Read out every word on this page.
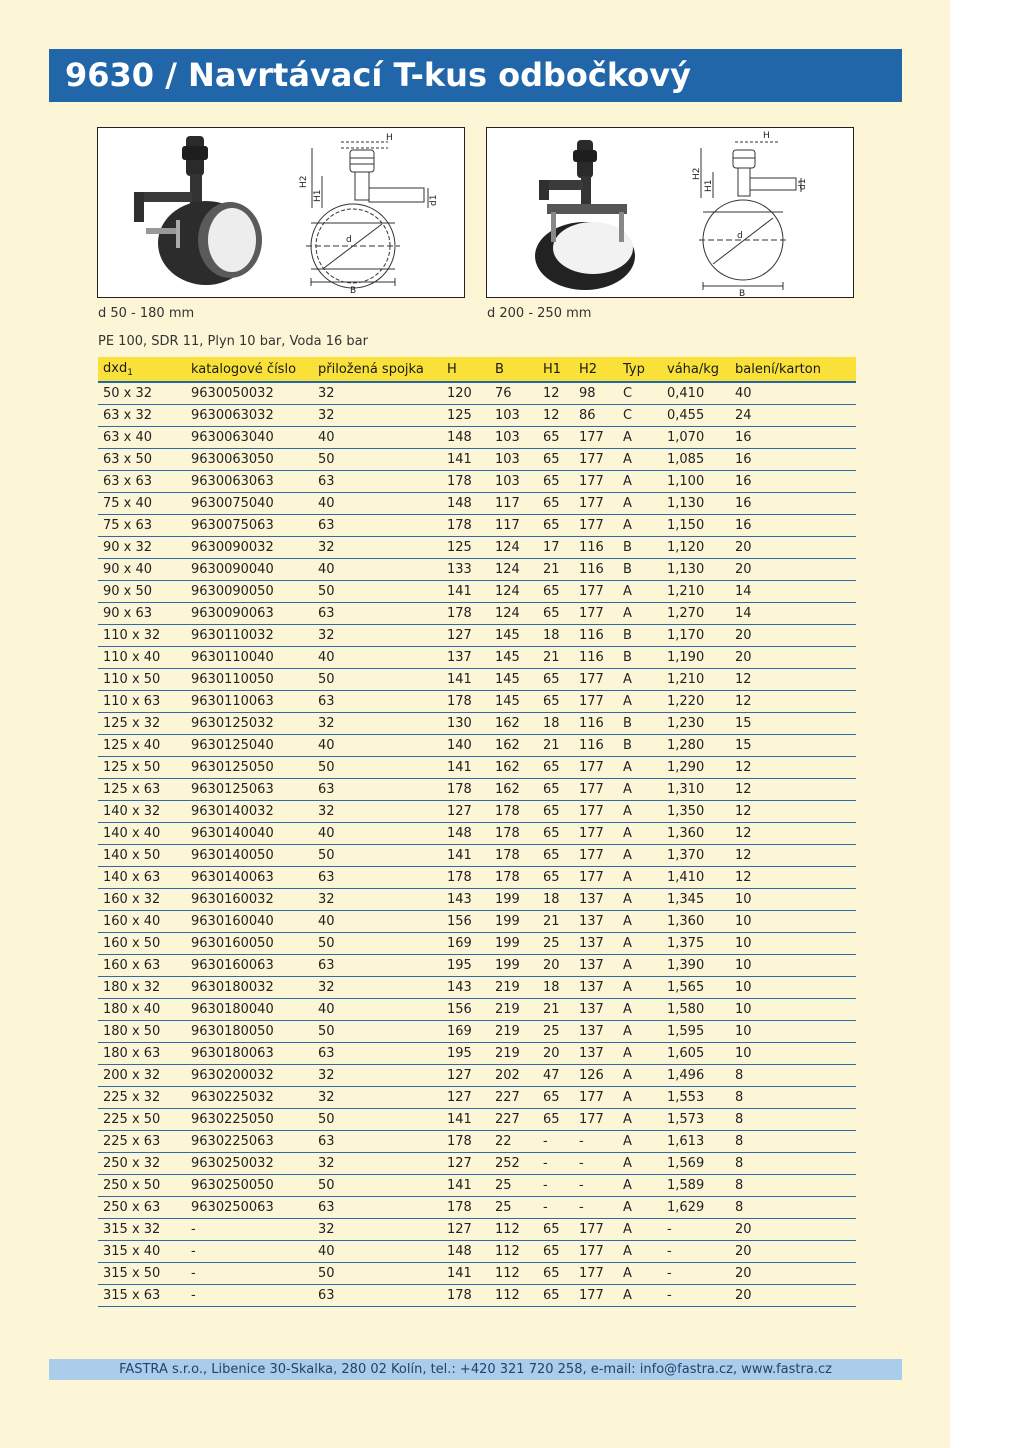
9630 / Navrtávací T-kus odbočkový
H
H2
H1	d1
d
B
H
H2
H1	d1
d
B
d 50 - 180 mm	d 200 - 250 mm
PE 100, SDR 11, Plyn 10 bar, Voda 16 bar
dxd$_1$	katalogové číslo	přiložená spojka	H	B	H1	H2	Typ	váha/kg	balení/karton
50 x 32	9630050032	32	120	76	12	98	C	0,410	40
63 x 32	9630063032	32	125	103	12	86	C	0,455	24
63 x 40	9630063040	40	148	103	65	177	A	1,070	16
63 x 50	9630063050	50	141	103	65	177	A	1,085	16
63 x 63	9630063063	63	178	103	65	177	A	1,100	16
75 x 40	9630075040	40	148	117	65	177	A	1,130	16
75 x 63	9630075063	63	178	117	65	177	A	1,150	16
90 x 32	9630090032	32	125	124	17	116	B	1,120	20
90 x 40	9630090040	40	133	124	21	116	B	1,130	20
90 x 50	9630090050	50	141	124	65	177	A	1,210	14
90 x 63	9630090063	63	178	124	65	177	A	1,270	14
110 x 32	9630110032	32	127	145	18	116	B	1,170	20
110 x 40	9630110040	40	137	145	21	116	B	1,190	20
110 x 50	9630110050	50	141	145	65	177	A	1,210	12
110 x 63	9630110063	63	178	145	65	177	A	1,220	12
125 x 32	9630125032	32	130	162	18	116	B	1,230	15
125 x 40	9630125040	40	140	162	21	116	B	1,280	15
125 x 50	9630125050	50	141	162	65	177	A	1,290	12
125 x 63	9630125063	63	178	162	65	177	A	1,310	12
140 x 32	9630140032	32	127	178	65	177	A	1,350	12
140 x 40	9630140040	40	148	178	65	177	A	1,360	12
140 x 50	9630140050	50	141	178	65	177	A	1,370	12
140 x 63	9630140063	63	178	178	65	177	A	1,410	12
160 x 32	9630160032	32	143	199	18	137	A	1,345	10
160 x 40	9630160040	40	156	199	21	137	A	1,360	10
160 x 50	9630160050	50	169	199	25	137	A	1,375	10
160 x 63	9630160063	63	195	199	20	137	A	1,390	10
180 x 32	9630180032	32	143	219	18	137	A	1,565	10
180 x 40	9630180040	40	156	219	21	137	A	1,580	10
180 x 50	9630180050	50	169	219	25	137	A	1,595	10
180 x 63	9630180063	63	195	219	20	137	A	1,605	10
200 x 32	9630200032	32	127	202	47	126	A	1,496	8
225 x 32	9630225032	32	127	227	65	177	A	1,553	8
225 x 50	9630225050	50	141	227	65	177	A	1,573	8
225 x 63	9630225063	63	178	22	-	-	A	1,613	8
250 x 32	9630250032	32	127	252	-	-	A	1,569	8
250 x 50	9630250050	50	141	25	-	-	A	1,589	8
250 x 63	9630250063	63	178	25	-	-	A	1,629	8
315 x 32	-	32	127	112	65	177	A	-	20
315 x 40	-	40	148	112	65	177	A	-	20
315 x 50	-	50	141	112	65	177	A	-	20
315 x 63	-	63	178	112	65	177	A	-	20
FASTRA s.r.o., Libenice 30-Skalka, 280 02 Kolín, tel.: +420 321 720 258, e-mail: info@fastra.cz, www.fastra.cz
